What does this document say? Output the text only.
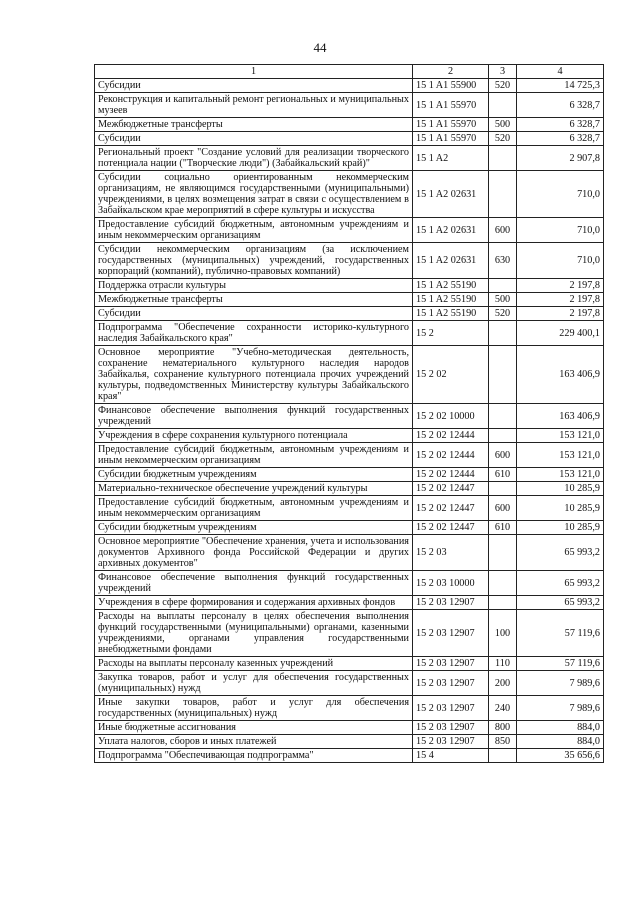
44
1	2	3	4
Субсидии	15 1 A1 55900	520	14 725,3
Реконструкция и капитальный ремонт региональных и муниципальных музеев	15 1 A1 55970		6 328,7
Межбюджетные трансферты	15 1 A1 55970	500	6 328,7
Субсидии	15 1 A1 55970	520	6 328,7
Региональный проект "Создание условий для реализации творческого потенциала нации ("Творческие люди") (Забайкальский край)"	15 1 A2		2 907,8
Субсидии социально ориентированным некоммерческим организациям, не являющимся государственными (муниципальными) учреждениями, в целях возмещения затрат в связи с осуществлением в Забайкальском крае мероприятий в сфере культуры и искусства	15 1 A2 02631		710,0
Предоставление субсидий бюджетным, автономным учреждениям и иным некоммерческим организациям	15 1 A2 02631	600	710,0
Субсидии некоммерческим организациям (за исключением государственных (муниципальных) учреждений, государственных корпораций (компаний), публично-правовых компаний)	15 1 A2 02631	630	710,0
Поддержка отрасли культуры	15 1 A2 55190		2 197,8
Межбюджетные трансферты	15 1 A2 55190	500	2 197,8
Субсидии	15 1 A2 55190	520	2 197,8
Подпрограмма "Обеспечение сохранности историко-культурного наследия Забайкальского края"	15 2		229 400,1
Основное мероприятие "Учебно-методическая деятельность, сохранение нематериального культурного наследия народов Забайкалья, сохранение культурного потенциала прочих учреждений культуры, подведомственных Министерству культуры Забайкальского края"	15 2 02		163 406,9
Финансовое обеспечение выполнения функций государственных учреждений	15 2 02 10000		163 406,9
Учреждения в сфере сохранения культурного потенциала	15 2 02 12444		153 121,0
Предоставление субсидий бюджетным, автономным учреждениям и иным некоммерческим организациям	15 2 02 12444	600	153 121,0
Субсидии бюджетным учреждениям	15 2 02 12444	610	153 121,0
Материально-техническое обеспечение учреждений культуры	15 2 02 12447		10 285,9
Предоставление субсидий бюджетным, автономным учреждениям и иным некоммерческим организациям	15 2 02 12447	600	10 285,9
Субсидии бюджетным учреждениям	15 2 02 12447	610	10 285,9
Основное мероприятие "Обеспечение хранения, учета и использования документов Архивного фонда Российской Федерации и других архивных документов"	15 2 03		65 993,2
Финансовое обеспечение выполнения функций государственных учреждений	15 2 03 10000		65 993,2
Учреждения в сфере формирования и содержания архивных фондов	15 2 03 12907		65 993,2
Расходы на выплаты персоналу в целях обеспечения выполнения функций государственными (муниципальными) органами, казенными учреждениями, органами управления государственными внебюджетными фондами	15 2 03 12907	100	57 119,6
Расходы на выплаты персоналу казенных учреждений	15 2 03 12907	110	57 119,6
Закупка товаров, работ и услуг для обеспечения государственных (муниципальных) нужд	15 2 03 12907	200	7 989,6
Иные закупки товаров, работ и услуг для обеспечения государственных (муниципальных) нужд	15 2 03 12907	240	7 989,6
Иные бюджетные ассигнования	15 2 03 12907	800	884,0
Уплата налогов, сборов и иных платежей	15 2 03 12907	850	884,0
Подпрограмма "Обеспечивающая подпрограмма"	15 4		35 656,6
